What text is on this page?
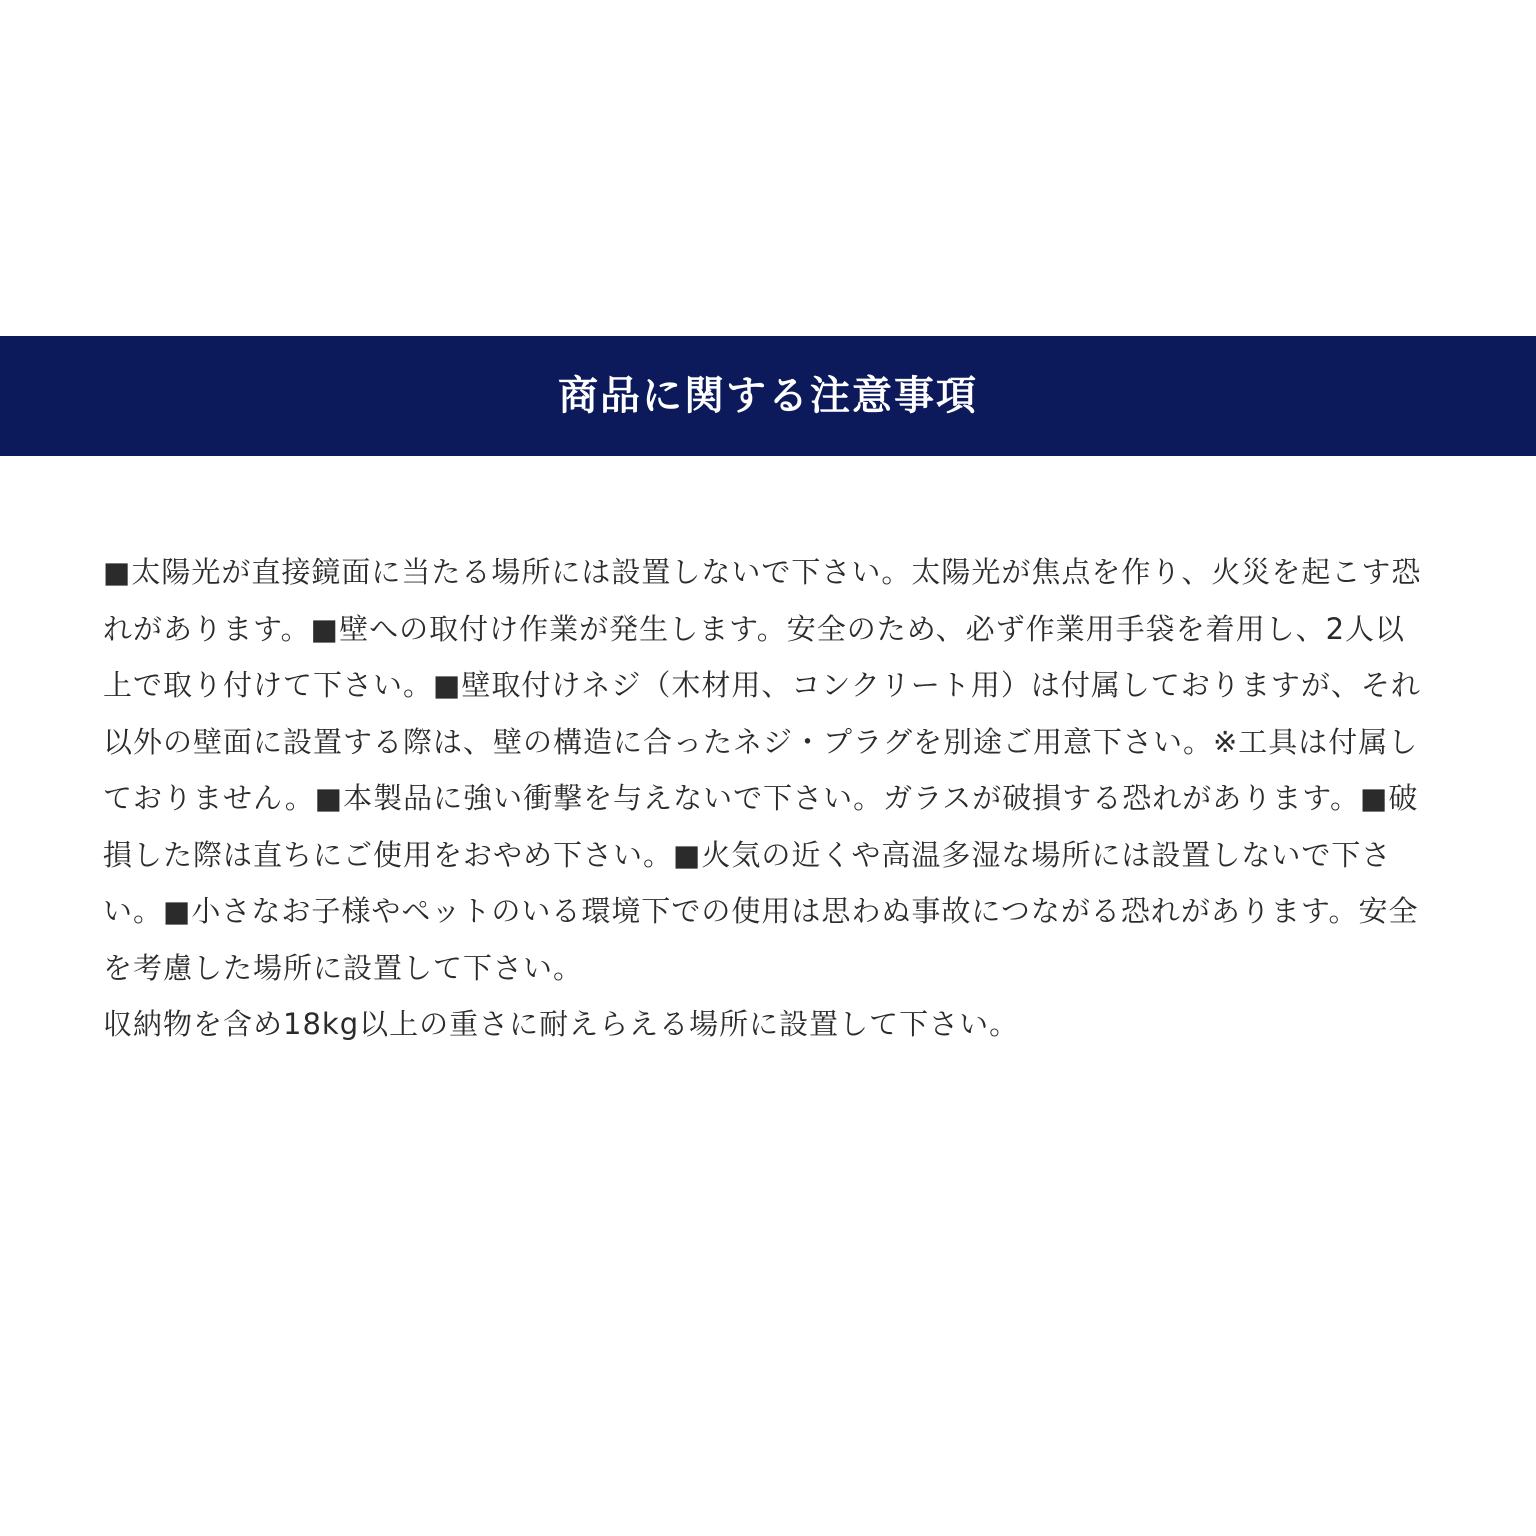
商品に関する注意事項

■太陽光が直接鏡面に当たる場所には設置しないで下さい。太陽光が焦点を作り、火災を起こす恐れがあります。■壁への取付け作業が発生します。安全のため、必ず作業用手袋を着用し、2人以上で取り付けて下さい。■壁取付けネジ（木材用、コンクリート用）は付属しておりますが、それ以外の壁面に設置する際は、壁の構造に合ったネジ・プラグを別途ご用意下さい。※工具は付属しておりません。■本製品に強い衝撃を与えないで下さい。ガラスが破損する恐れがあります。■破損した際は直ちにご使用をおやめ下さい。■火気の近くや高温多湿な場所には設置しないで下さい。■小さなお子様やペットのいる環境下での使用は思わぬ事故につながる恐れがあります。安全を考慮した場所に設置して下さい。

収納物を含め18kg以上の重さに耐えらえる場所に設置して下さい。
